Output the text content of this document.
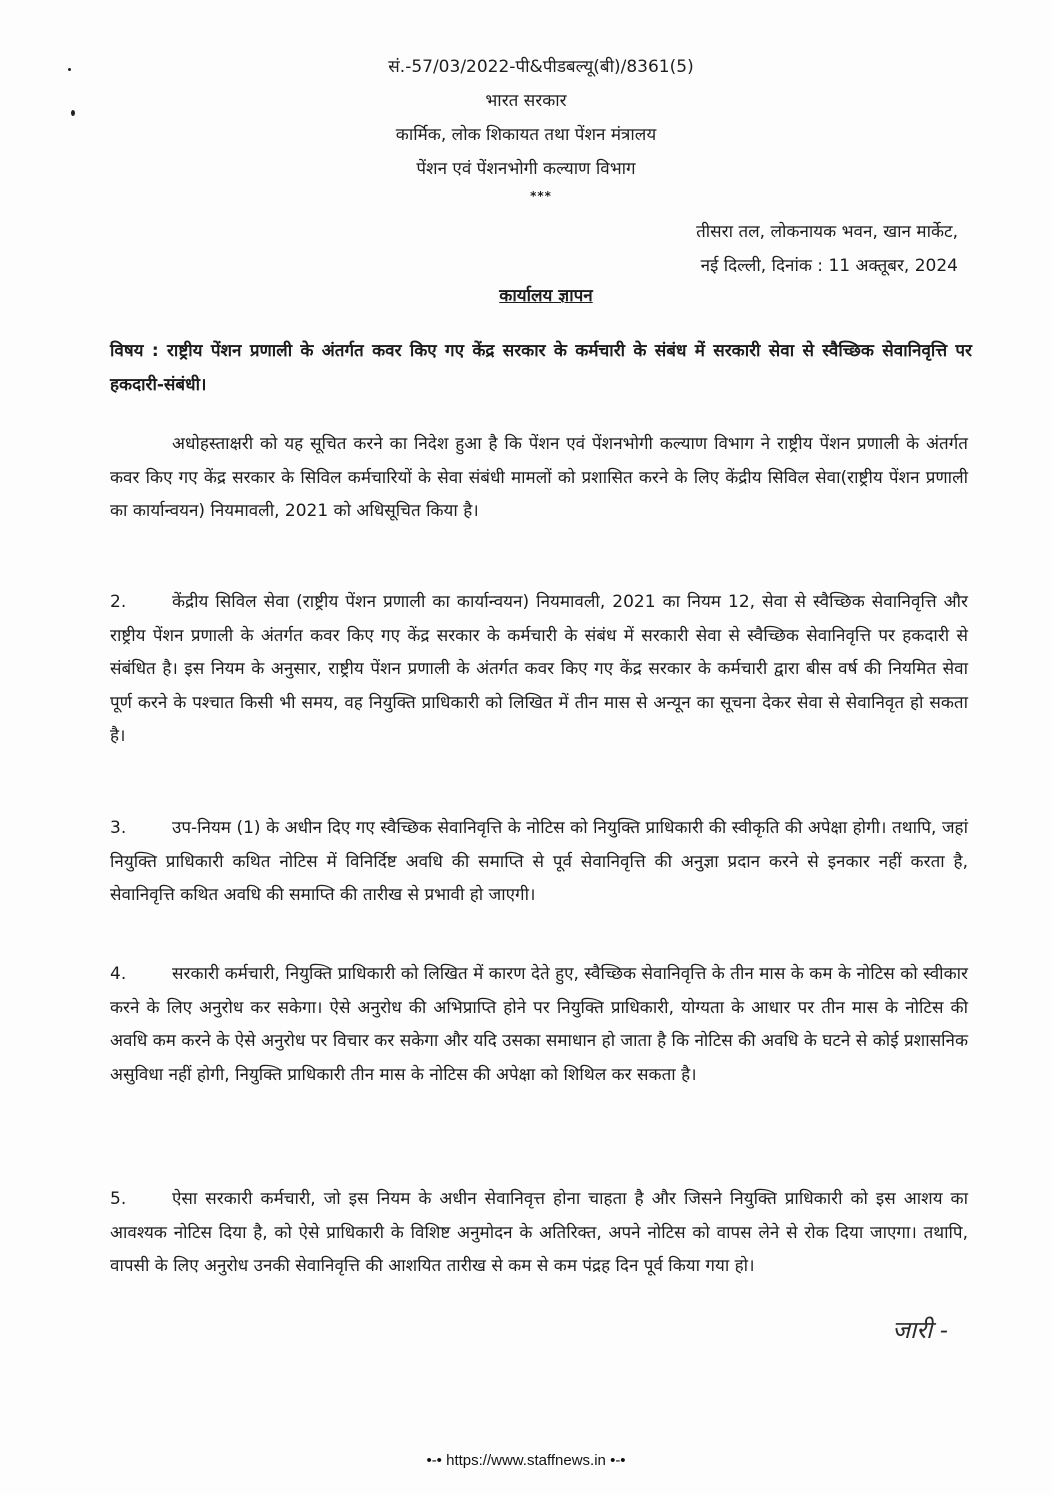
सं.-57/03/2022-पी&पीडबल्यू(बी)/8361(5)
भारत सरकार
कार्मिक, लोक शिकायत तथा पेंशन मंत्रालय
पेंशन एवं पेंशनभोगी कल्याण विभाग
***
तीसरा तल, लोकनायक भवन, खान मार्केट,
नई दिल्ली, दिनांक : 11 अक्तूबर, 2024
कार्यालय ज्ञापन
विषय : राष्ट्रीय पेंशन प्रणाली के अंतर्गत कवर किए गए केंद्र सरकार के कर्मचारी के संबंध में सरकारी सेवा से स्वैच्छिक सेवानिवृत्ति पर हकदारी-संबंधी।
अधोहस्ताक्षरी को यह सूचित करने का निदेश हुआ है कि पेंशन एवं पेंशनभोगी कल्याण विभाग ने राष्ट्रीय पेंशन प्रणाली के अंतर्गत कवर किए गए केंद्र सरकार के सिविल कर्मचारियों के सेवा संबंधी मामलों को प्रशासित करने के लिए केंद्रीय सिविल सेवा(राष्ट्रीय पेंशन प्रणाली का कार्यान्वयन) नियमावली, 2021 को अधिसूचित किया है।
2.	केंद्रीय सिविल सेवा (राष्ट्रीय पेंशन प्रणाली का कार्यान्वयन) नियमावली, 2021 का नियम 12, सेवा से स्वैच्छिक सेवानिवृत्ति और राष्ट्रीय पेंशन प्रणाली के अंतर्गत कवर किए गए केंद्र सरकार के कर्मचारी के संबंध में सरकारी सेवा से स्वैच्छिक सेवानिवृत्ति पर हकदारी से संबंधित है। इस नियम के अनुसार, राष्ट्रीय पेंशन प्रणाली के अंतर्गत कवर किए गए केंद्र सरकार के कर्मचारी द्वारा बीस वर्ष की नियमित सेवा पूर्ण करने के पश्चात किसी भी समय, वह नियुक्ति प्राधिकारी को लिखित में तीन मास से अन्यून का सूचना देकर सेवा से सेवानिवृत हो सकता है।
3.	उप-नियम (1) के अधीन दिए गए स्वैच्छिक सेवानिवृत्ति के नोटिस को नियुक्ति प्राधिकारी की स्वीकृति की अपेक्षा होगी। तथापि, जहां नियुक्ति प्राधिकारी कथित नोटिस में विनिर्दिष्ट अवधि की समाप्ति से पूर्व सेवानिवृत्ति की अनुज्ञा प्रदान करने से इनकार नहीं करता है, सेवानिवृत्ति कथित अवधि की समाप्ति की तारीख से प्रभावी हो जाएगी।
4.	सरकारी कर्मचारी, नियुक्ति प्राधिकारी को लिखित में कारण देते हुए, स्वैच्छिक सेवानिवृत्ति के तीन मास के कम के नोटिस को स्वीकार करने के लिए अनुरोध कर सकेगा। ऐसे अनुरोध की अभिप्राप्ति होने पर नियुक्ति प्राधिकारी, योग्यता के आधार पर तीन मास के नोटिस की अवधि कम करने के ऐसे अनुरोध पर विचार कर सकेगा और यदि उसका समाधान हो जाता है कि नोटिस की अवधि के घटने से कोई प्रशासनिक असुविधा नहीं होगी, नियुक्ति प्राधिकारी तीन मास के नोटिस की अपेक्षा को शिथिल कर सकता है।
5.	ऐसा सरकारी कर्मचारी, जो इस नियम के अधीन सेवानिवृत्त होना चाहता है और जिसने नियुक्ति प्राधिकारी को इस आशय का आवश्यक नोटिस दिया है, को ऐसे प्राधिकारी के विशिष्ट अनुमोदन के अतिरिक्त, अपने नोटिस को वापस लेने से रोक दिया जाएगा। तथापि, वापसी के लिए अनुरोध उनकी सेवानिवृत्ति की आशयित तारीख से कम से कम पंद्रह दिन पूर्व किया गया हो।
जारी -
•-• https://www.staffnews.in •-•
